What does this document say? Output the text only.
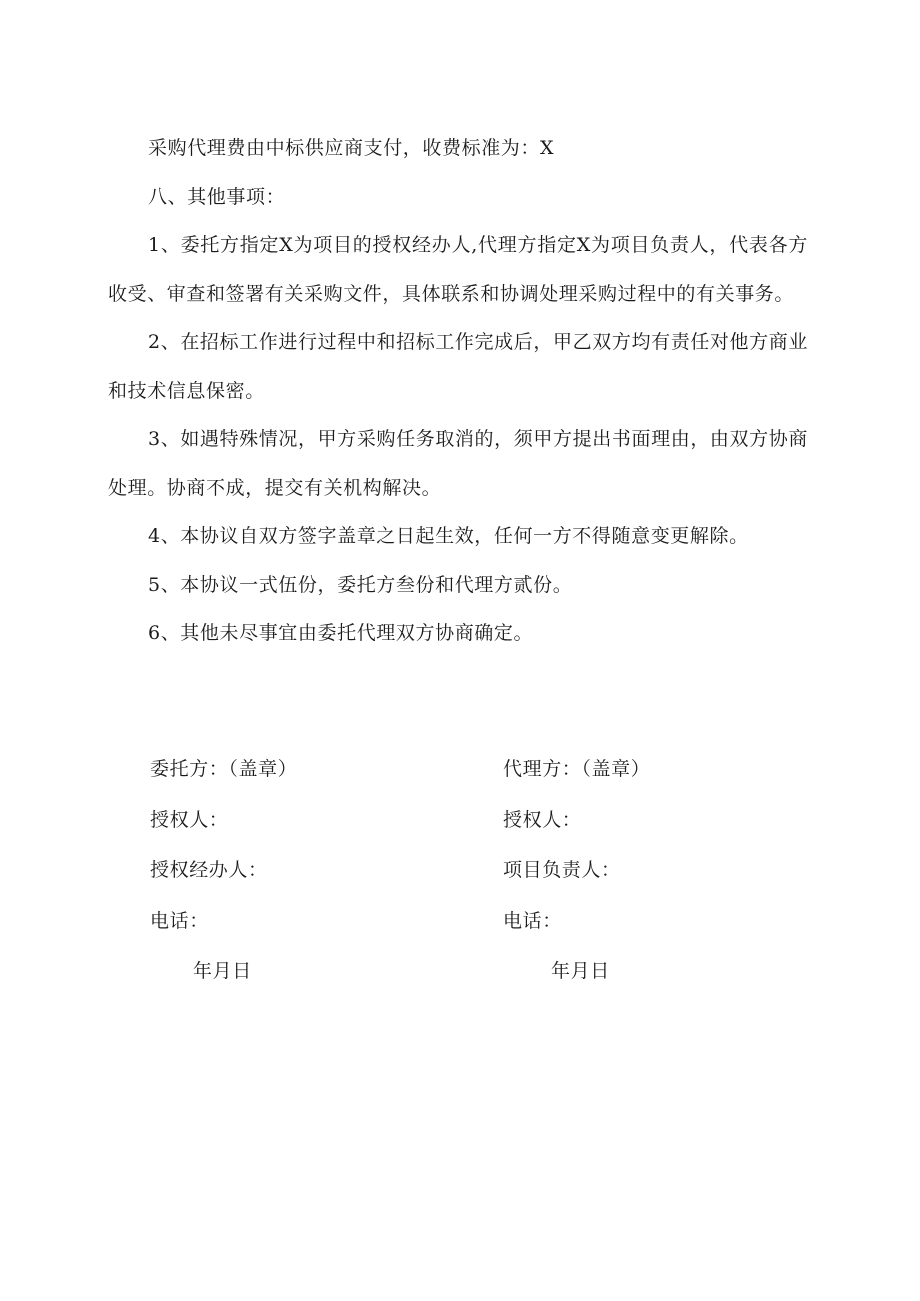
采购代理费由中标供应商支付，收费标准为：X

八、其他事项：

1、委托方指定X为项目的授权经办人,代理方指定X为项目负责人，代表各方收受、审查和签署有关采购文件，具体联系和协调处理采购过程中的有关事务。

2、在招标工作进行过程中和招标工作完成后，甲乙双方均有责任对他方商业和技术信息保密。

3、如遇特殊情况，甲方采购任务取消的，须甲方提出书面理由，由双方协商处理。协商不成，提交有关机构解决。

4、本协议自双方签字盖章之日起生效，任何一方不得随意变更解除。

5、本协议一式伍份，委托方叁份和代理方贰份。

6、其他未尽事宜由委托代理双方协商确定。

委托方：（盖章）

授权人：

授权经办人：

电话：

年月日

代理方：（盖章）

授权人：

项目负责人：

电话：

年月日
